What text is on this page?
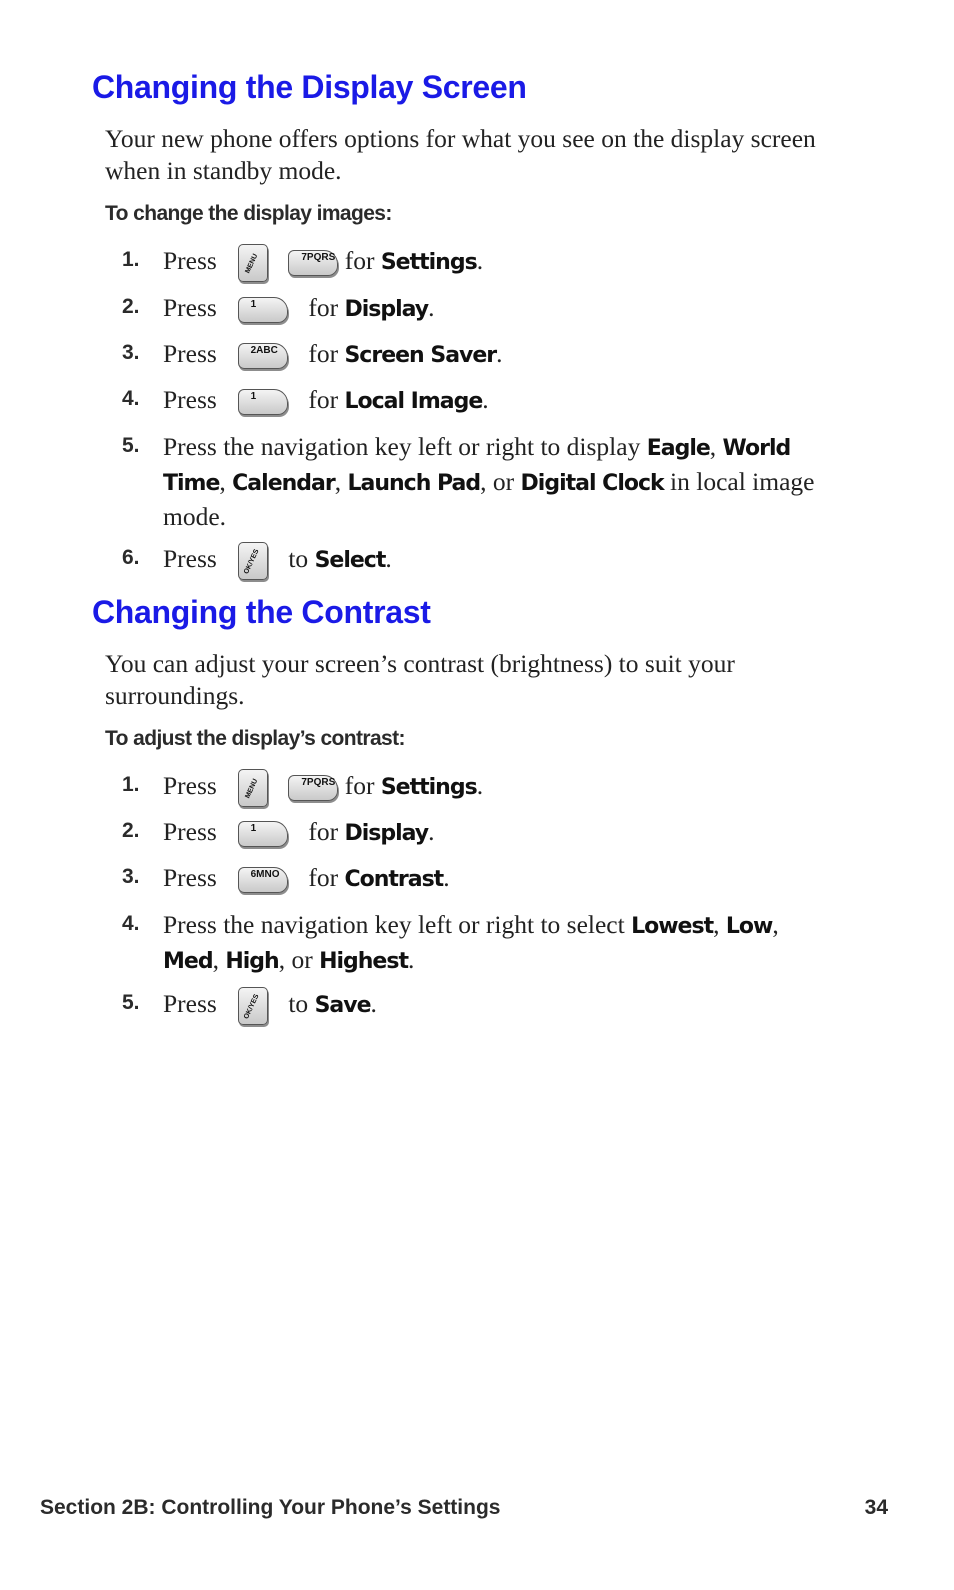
Changing the Display Screen

Your new phone offers options for what you see on the display screen when in standby mode.

To change the display images:

1. Press	MENU	7PQRS for Settings.
2. Press	1 for Display.
3. Press	2ABC for Screen Saver.
4. Press	1 for Local Image.
5. Press the navigation key left or right to display Eagle, World Time, Calendar, Launch Pad, or Digital Clock in local image mode.
6. Press	OK/YES to Select.
Changing the Contrast

You can adjust your screen’s contrast (brightness) to suit your surroundings.

To adjust the display’s contrast:

1. Press	MENU	7PQRS for Settings.
2. Press	1 for Display.
3. Press	6MNO for Contrast.
4. Press the navigation key left or right to select Lowest, Low, Med, High, or Highest.
5. Press	OK/YES to Save.
Section 2B: Controlling Your Phone’s Settings	34
